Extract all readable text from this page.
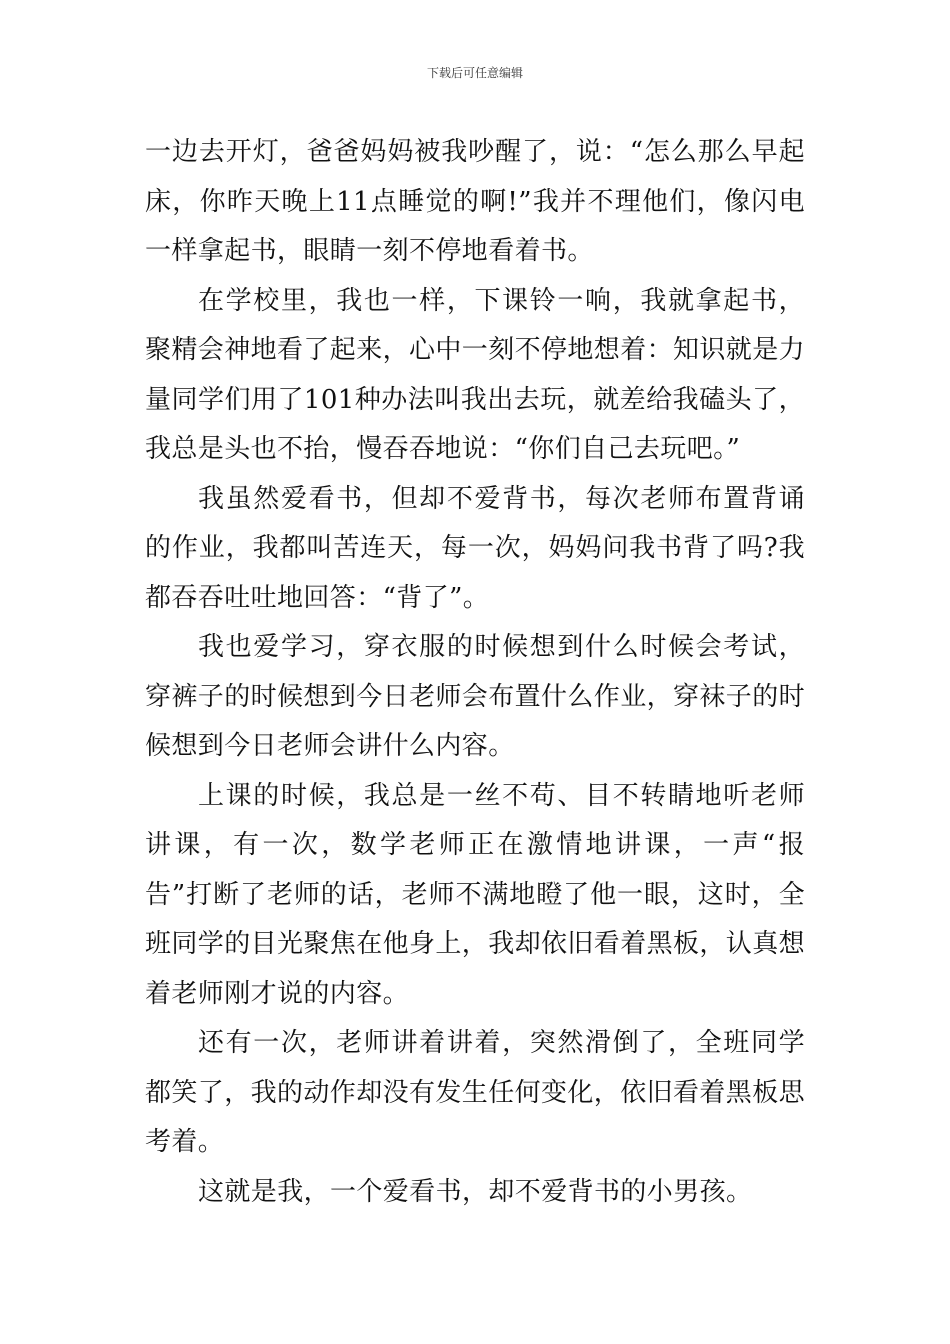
下载后可任意编辑

一边去开灯，爸爸妈妈被我吵醒了，说：“怎么那么早起床，你昨天晚上11点睡觉的啊!”我并不理他们，像闪电一样拿起书，眼睛一刻不停地看着书。

在学校里，我也一样，下课铃一响，我就拿起书，聚精会神地看了起来，心中一刻不停地想着：知识就是力量同学们用了101种办法叫我出去玩，就差给我磕头了，我总是头也不抬，慢吞吞地说：“你们自己去玩吧。”

我虽然爱看书，但却不爱背书，每次老师布置背诵的作业，我都叫苦连天，每一次，妈妈问我书背了吗?我都吞吞吐吐地回答：“背了”。

我也爱学习，穿衣服的时候想到什么时候会考试，穿裤子的时候想到今日老师会布置什么作业，穿袜子的时候想到今日老师会讲什么内容。

上课的时候，我总是一丝不苟、目不转睛地听老师讲课，有一次，数学老师正在激情地讲课，一声“报告”打断了老师的话，老师不满地瞪了他一眼，这时，全班同学的目光聚焦在他身上，我却依旧看着黑板，认真想着老师刚才说的内容。

还有一次，老师讲着讲着，突然滑倒了，全班同学都笑了，我的动作却没有发生任何变化，依旧看着黑板思考着。

这就是我，一个爱看书，却不爱背书的小男孩。
